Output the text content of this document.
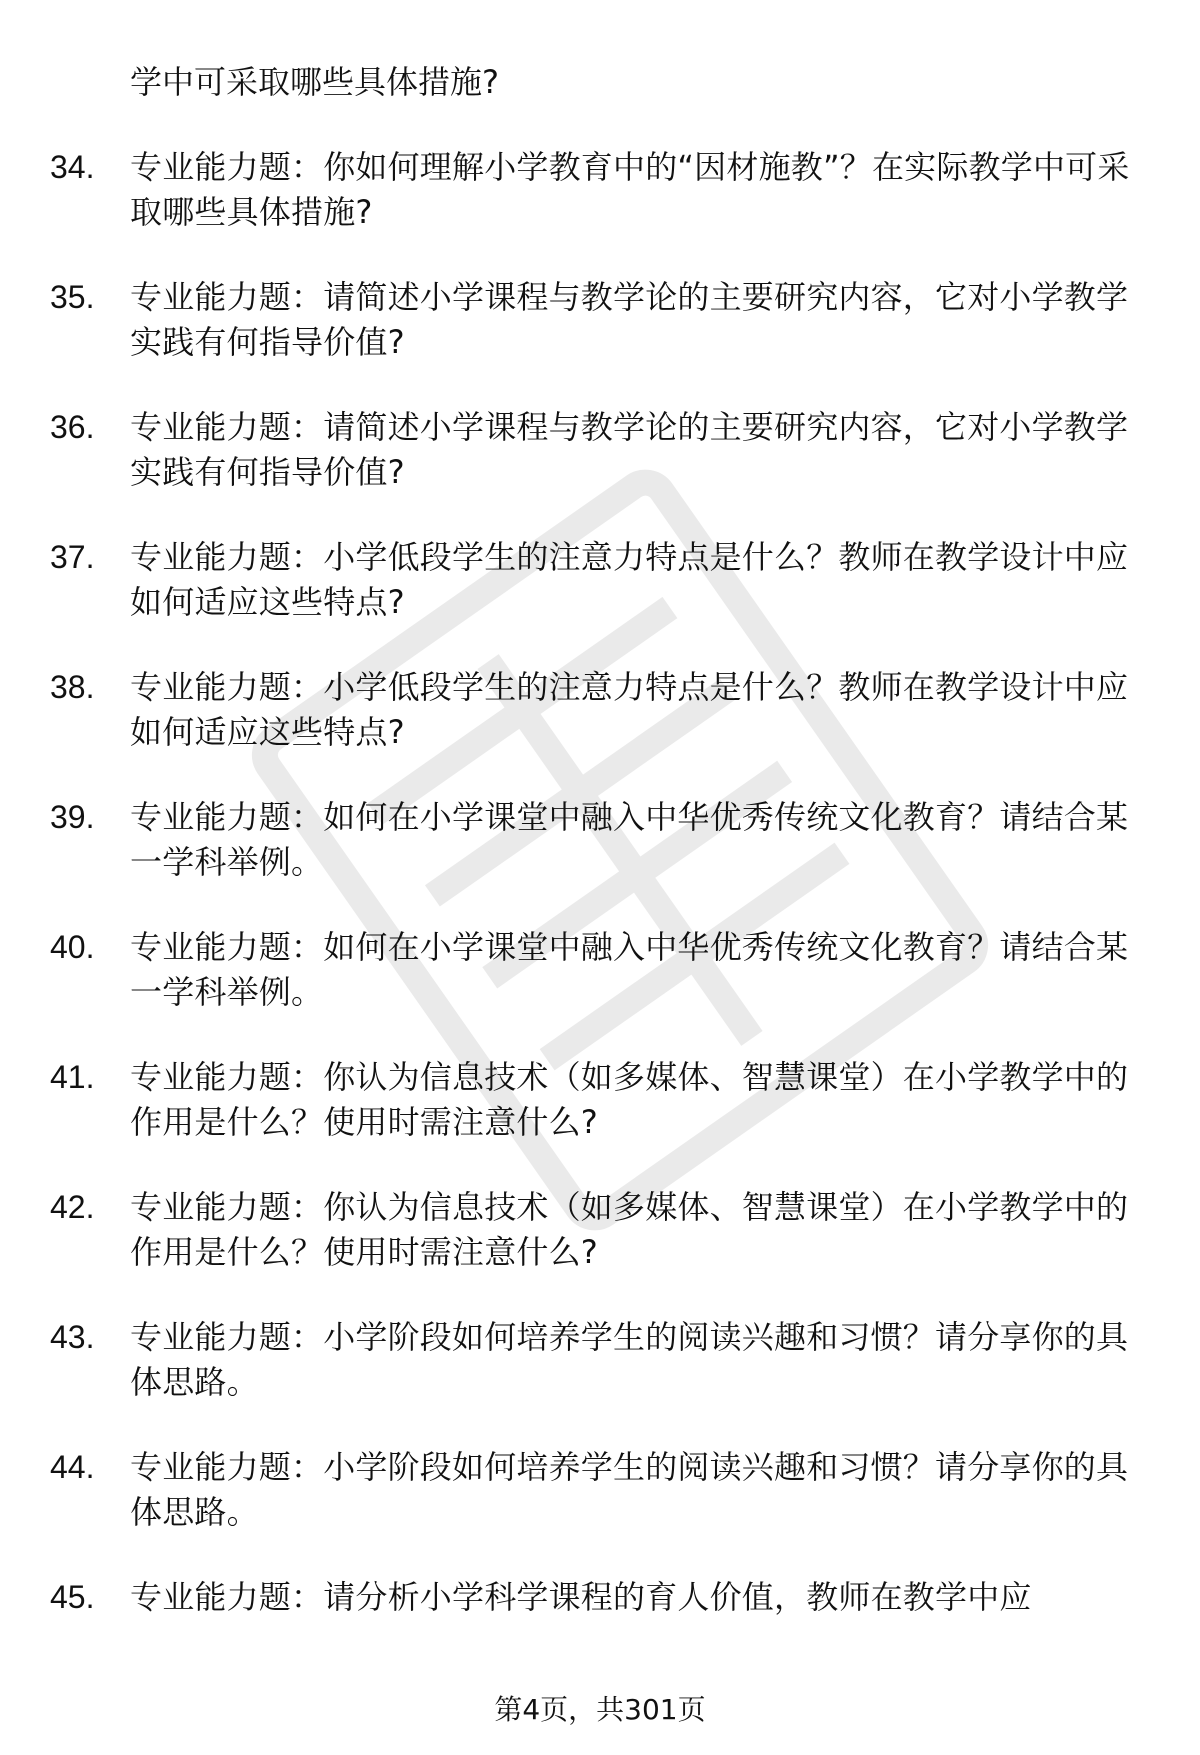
学中可采取哪些具体措施?
34.	专业能力题：你如何理解小学教育中的“因材施教”？在实际教学中可采取哪些具体措施?
35.	专业能力题：请简述小学课程与教学论的主要研究内容，它对小学教学实践有何指导价值?
36.	专业能力题：请简述小学课程与教学论的主要研究内容，它对小学教学实践有何指导价值?
37.	专业能力题：小学低段学生的注意力特点是什么？教师在教学设计中应如何适应这些特点?
38.	专业能力题：小学低段学生的注意力特点是什么？教师在教学设计中应如何适应这些特点?
39.	专业能力题：如何在小学课堂中融入中华优秀传统文化教育？请结合某一学科举例。
40.	专业能力题：如何在小学课堂中融入中华优秀传统文化教育？请结合某一学科举例。
41.	专业能力题：你认为信息技术（如多媒体、智慧课堂）在小学教学中的作用是什么？使用时需注意什么?
42.	专业能力题：你认为信息技术（如多媒体、智慧课堂）在小学教学中的作用是什么？使用时需注意什么?
43.	专业能力题：小学阶段如何培养学生的阅读兴趣和习惯？请分享你的具体思路。
44.	专业能力题：小学阶段如何培养学生的阅读兴趣和习惯？请分享你的具体思路。
45.	专业能力题：请分析小学科学课程的育人价值，教师在教学中应
第4页，共301页
